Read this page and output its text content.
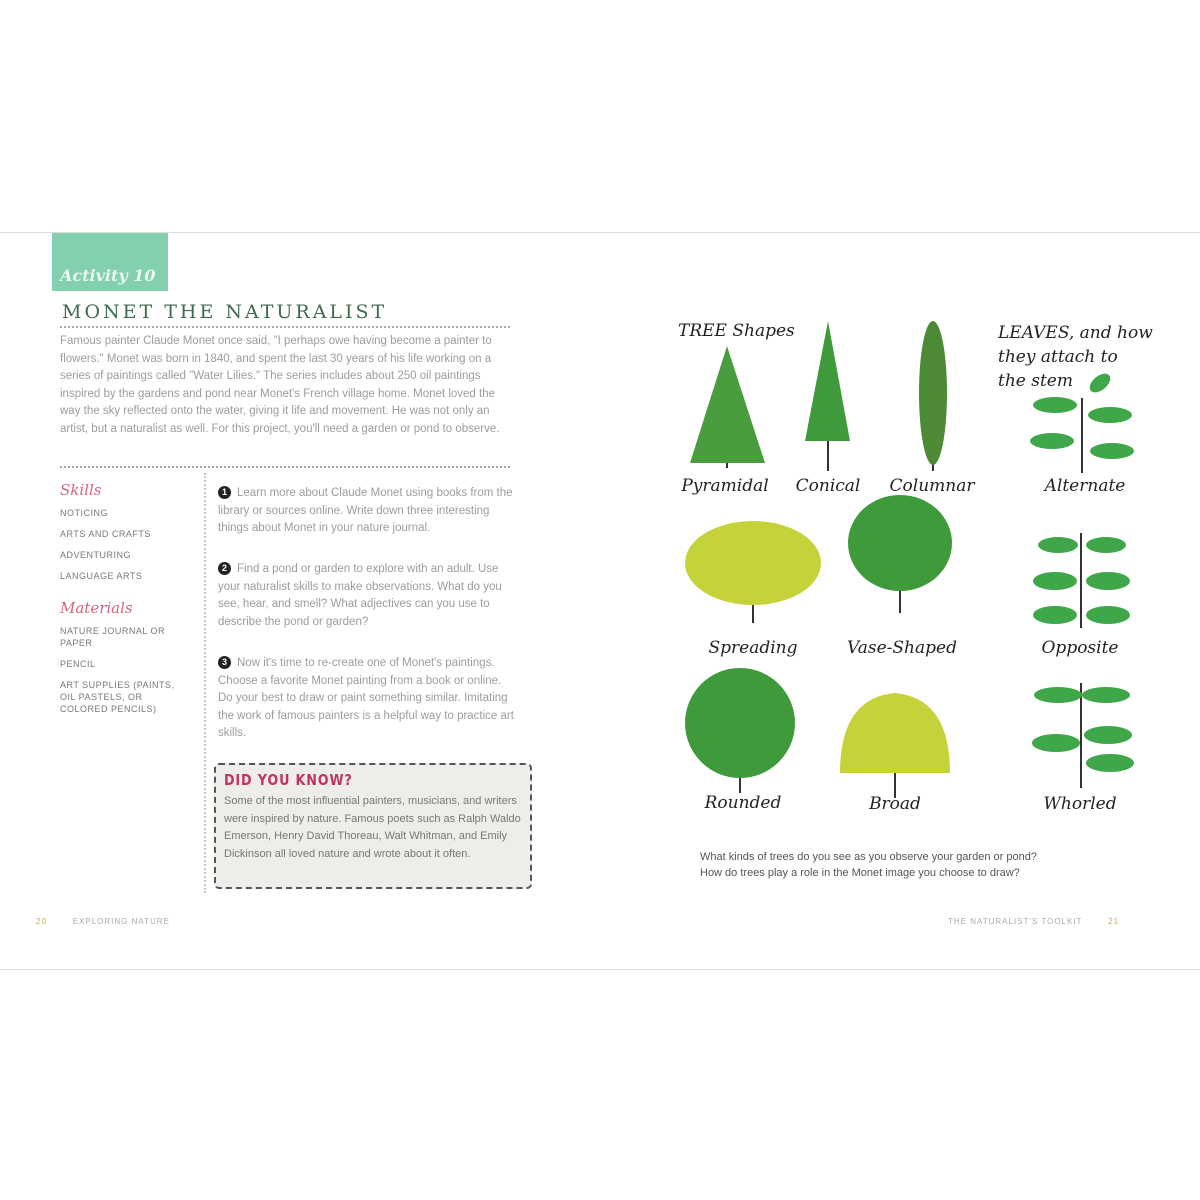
Activity 10
MONET THE NATURALIST
Famous painter Claude Monet once said, "I perhaps owe having become a painter to flowers." Monet was born in 1840, and spent the last 30 years of his life working on a series of paintings called "Water Lilies." The series includes about 250 oil paintings inspired by the gardens and pond near Monet's French village home. Monet loved the way the sky reflected onto the water, giving it life and movement. He was not only an artist, but a naturalist as well. For this project, you'll need a garden or pond to observe.
Skills
NOTICING
ARTS AND CRAFTS
ADVENTURING
LANGUAGE ARTS
Materials
NATURE JOURNAL OR PAPER
PENCIL
ART SUPPLIES (PAINTS, OIL PASTELS, OR COLORED PENCILS)
1 Learn more about Claude Monet using books from the library or sources online. Write down three interesting things about Monet in your nature journal.
2 Find a pond or garden to explore with an adult. Use your naturalist skills to make observations. What do you see, hear, and smell? What adjectives can you use to describe the pond or garden?
3 Now it's time to re-create one of Monet's paintings. Choose a favorite Monet painting from a book or online. Do your best to draw or paint something similar. Imitating the work of famous painters is a helpful way to practice art skills.
DID YOU KNOW?

Some of the most influential painters, musicians, and writers were inspired by nature. Famous poets such as Ralph Waldo Emerson, Henry David Thoreau, Walt Whitman, and Emily Dickinson all loved nature and wrote about it often.

20	EXPLORING NATURE	THE NATURALIST'S TOOLKIT	21
TREE Shapes	LEAVES, and how
they attach to
the stem
Pyramidal Conical Columnar	Alternate
Spreading	Vase-Shaped	Opposite
Rounded	Broad	Whorled
What kinds of trees do you see as you observe your garden or pond?
How do trees play a role in the Monet image you choose to draw?
